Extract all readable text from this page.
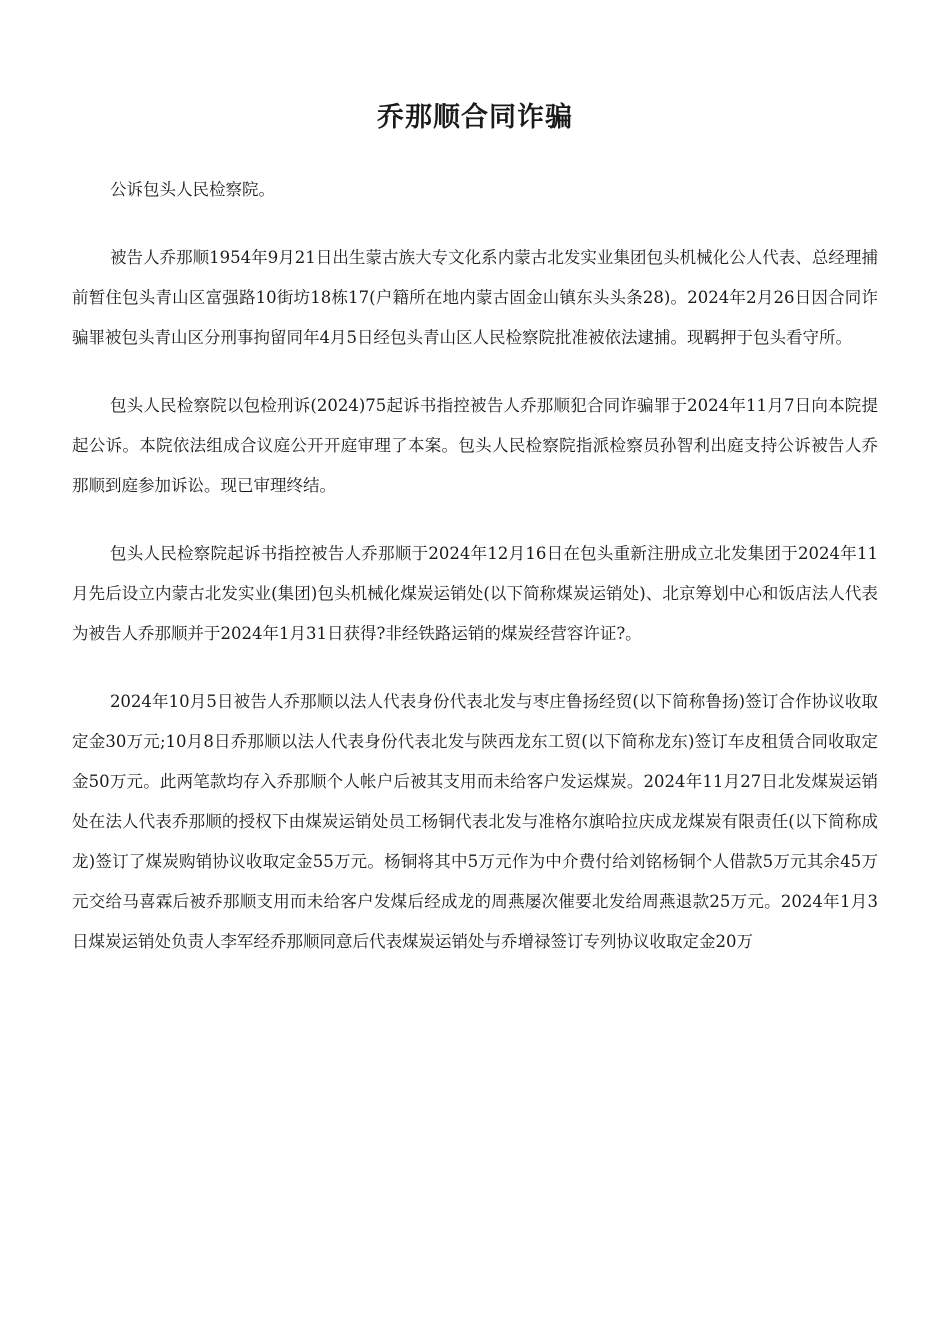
乔那顺合同诈骗

公诉包头人民检察院。

被告人乔那顺1954年9月21日出生蒙古族大专文化系内蒙古北发实业集团包头机械化公人代表、总经理捕前暂住包头青山区富强路10街坊18栋17(户籍所在地内蒙古固金山镇东头头条28)。2024年2月26日因合同诈骗罪被包头青山区分刑事拘留同年4月5日经包头青山区人民检察院批准被依法逮捕。现羁押于包头看守所。

包头人民检察院以包检刑诉(2024)75起诉书指控被告人乔那顺犯合同诈骗罪于2024年11月7日向本院提起公诉。本院依法组成合议庭公开开庭审理了本案。包头人民检察院指派检察员孙智利出庭支持公诉被告人乔那顺到庭参加诉讼。现已审理终结。

包头人民检察院起诉书指控被告人乔那顺于2024年12月16日在包头重新注册成立北发集团于2024年11月先后设立内蒙古北发实业(集团)包头机械化煤炭运销处(以下简称煤炭运销处)、北京筹划中心和饭店法人代表为被告人乔那顺并于2024年1月31日获得?非经铁路运销的煤炭经营容许证?。

2024年10月5日被告人乔那顺以法人代表身份代表北发与枣庄鲁扬经贸(以下简称鲁扬)签订合作协议收取定金30万元;10月8日乔那顺以法人代表身份代表北发与陕西龙东工贸(以下简称龙东)签订车皮租赁合同收取定金50万元。此两笔款均存入乔那顺个人帐户后被其支用而未给客户发运煤炭。2024年11月27日北发煤炭运销处在法人代表乔那顺的授权下由煤炭运销处员工杨铜代表北发与准格尔旗哈拉庆成龙煤炭有限责任(以下简称成龙)签订了煤炭购销协议收取定金55万元。杨铜将其中5万元作为中介费付给刘铭杨铜个人借款5万元其余45万元交给马喜霖后被乔那顺支用而未给客户发煤后经成龙的周燕屡次催要北发给周燕退款25万元。2024年1月3日煤炭运销处负责人李军经乔那顺同意后代表煤炭运销处与乔增禄签订专列协议收取定金20万
